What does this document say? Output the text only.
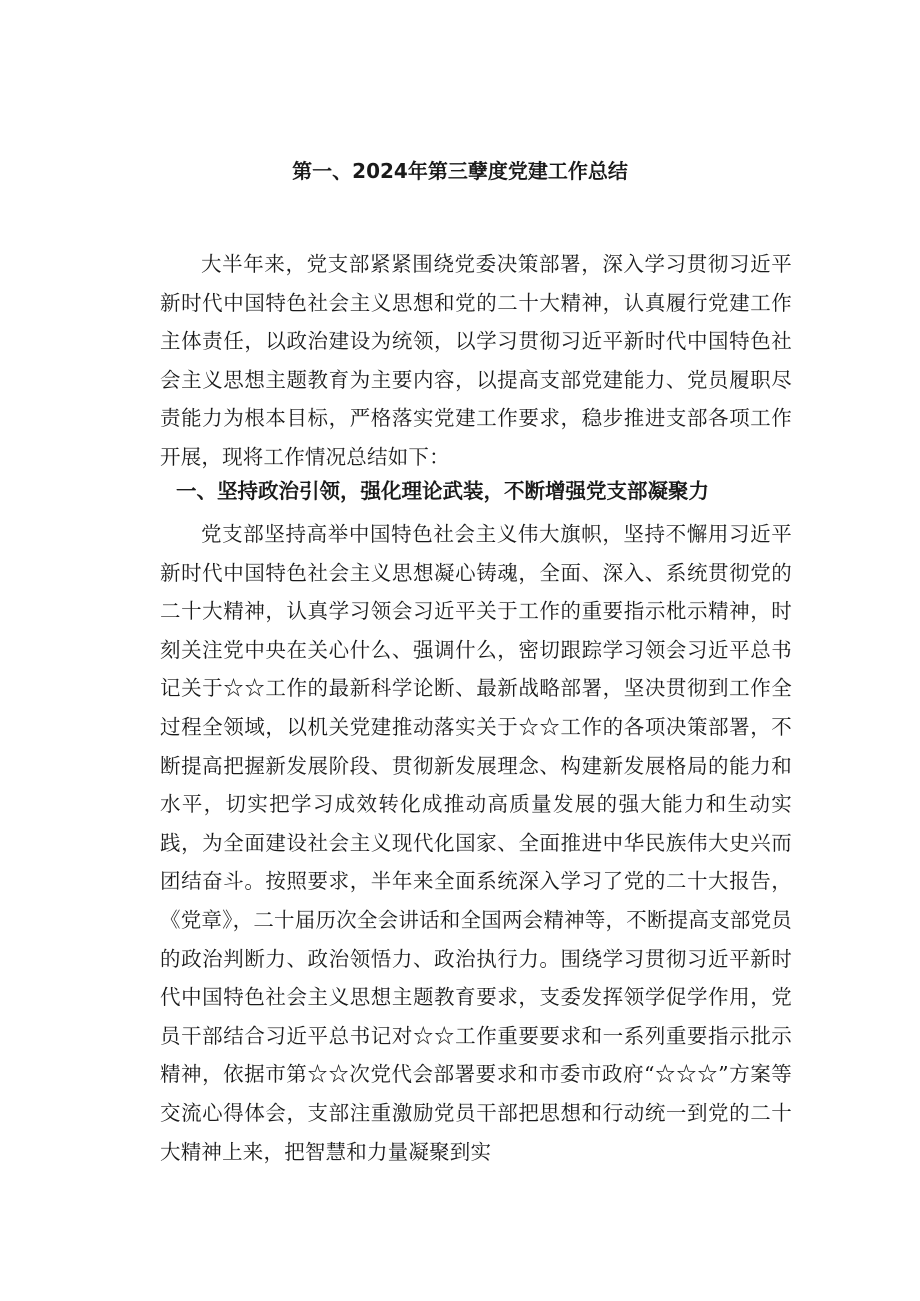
第一、2024年第三孽度党建工作总结

大半年来，党支部紧紧围绕党委决策部署，深入学习贯彻习近平新时代中国特色社会主义思想和党的二十大精神，认真履行党建工作主体责任，以政治建设为统领，以学习贯彻习近平新时代中国特色社会主义思想主题教育为主要内容，以提高支部党建能力、党员履职尽责能力为根本目标，严格落实党建工作要求，稳步推进支部各项工作开展，现将工作情况总结如下：

一、坚持政治引领，强化理论武装，不断增强党支部凝聚力

党支部坚持高举中国特色社会主义伟大旗帜，坚持不懈用习近平新时代中国特色社会主义思想凝心铸魂，全面、深入、系统贯彻党的二十大精神，认真学习领会习近平关于工作的重要指示枇示精神，时刻关注党中央在关心什么、强调什么，密切跟踪学习领会习近平总书记关于☆☆工作的最新科学论断、最新战略部署，坚决贯彻到工作全过程全领域，以机关党建推动落实关于☆☆工作的各项决策部署，不断提高把握新发展阶段、贯彻新发展理念、构建新发展格局的能力和水平，切实把学习成效转化成推动高质量发展的强大能力和生动实践，为全面建设社会主义现代化国家、全面推进中华民族伟大史兴而团结奋斗。按照要求，半年来全面系统深入学习了党的二十大报告，《党章》，二十届历次全会讲话和全国两会精神等，不断提高支部党员的政治判断力、政治领悟力、政治执行力。围绕学习贯彻习近平新时代中国特色社会主义思想主题教育要求，支委发挥领学促学作用，党员干部结合习近平总书记对☆☆工作重要要求和一系列重要指示批示精神，依据市第☆☆次党代会部署要求和市委市政府“☆☆☆”方案等交流心得体会，支部注重激励党员干部把思想和行动统一到党的二十大精神上来，把智慧和力量凝聚到实
